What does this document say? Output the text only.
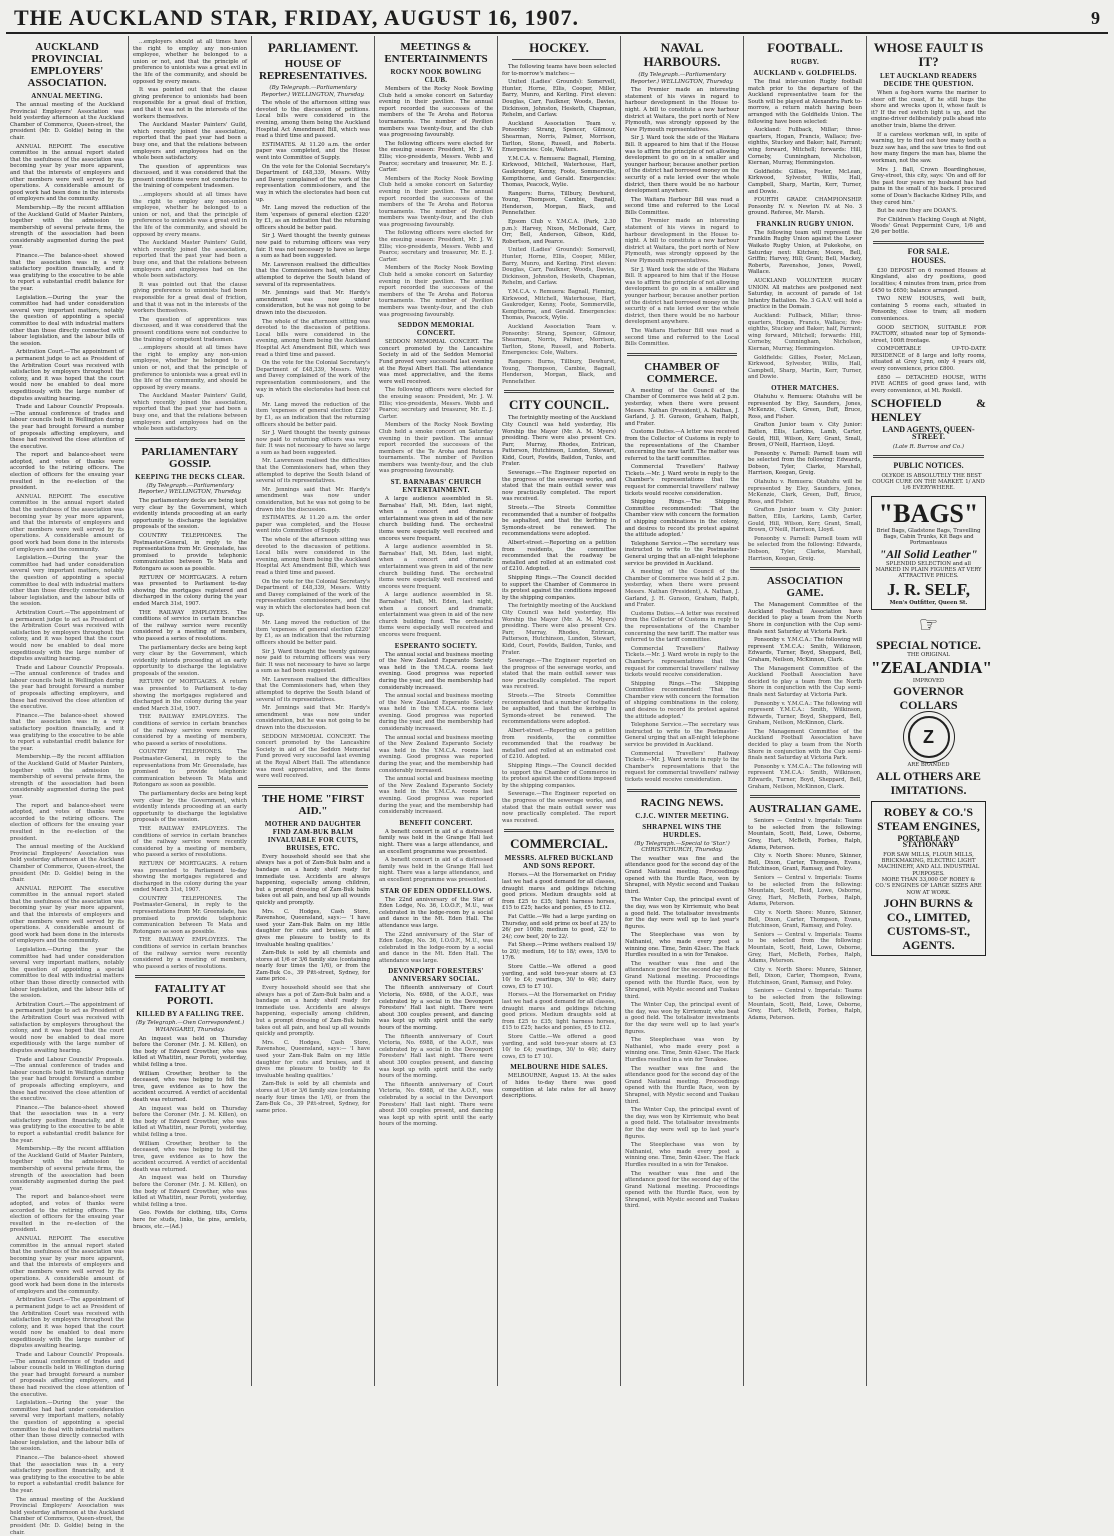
THE AUCKLAND STAR, FRIDAY, AUGUST 16, 1907.	9
AUCKLAND PROVINCIAL EMPLOYERS' ASSOCIATION.
ANNUAL MEETING.

The annual meeting of the Auckland Provincial Employers' Association was held yesterday afternoon at the Auckland Chamber of Commerce, Queen-street, the president (Mr. D. Goldie) being in the chair.

ANNUAL REPORT. The executive committee in the annual report stated that the usefulness of the association was becoming year by year more apparent, and that the interests of employers and other members were well served by its operations. A considerable amount of good work had been done in the interests of employers and the community.

Membership.—By the recent affiliation of the Auckland Guild of Master Painters, together with the admission to membership of several private firms, the strength of the association had been considerably augmented during the past year.

Finance.—The balance-sheet showed that the association was in a very satisfactory position financially, and it was gratifying to the executive to be able to report a substantial credit balance for the year.

Legislation.—During the year the committee had had under consideration several very important matters, notably the question of appointing a special committee to deal with industrial matters other than those directly connected with labour legislation, and the labour bills of the session.

Arbitration Court.—The appointment of a permanent judge to act as President of the Arbitration Court was received with satisfaction by employers throughout the colony, and it was hoped that the court would now be enabled to deal more expeditiously with the large number of disputes awaiting hearing.

Trade and Labour Councils' Proposals.—The annual conference of trades and labour councils held in Wellington during the year had brought forward a number of proposals affecting employers, and these had received the close attention of the executive.

The report and balance-sheet were adopted, and votes of thanks were accorded to the retiring officers. The election of officers for the ensuing year resulted in the re-election of the president.

ANNUAL REPORT. The executive committee in the annual report stated that the usefulness of the association was becoming year by year more apparent, and that the interests of employers and other members were well served by its operations. A considerable amount of good work had been done in the interests of employers and the community.

Legislation.—During the year the committee had had under consideration several very important matters, notably the question of appointing a special committee to deal with industrial matters other than those directly connected with labour legislation, and the labour bills of the session.

Arbitration Court.—The appointment of a permanent judge to act as President of the Arbitration Court was received with satisfaction by employers throughout the colony, and it was hoped that the court would now be enabled to deal more expeditiously with the large number of disputes awaiting hearing.

Trade and Labour Councils' Proposals.—The annual conference of trades and labour councils held in Wellington during the year had brought forward a number of proposals affecting employers, and these had received the close attention of the executive.

Finance.—The balance-sheet showed that the association was in a very satisfactory position financially, and it was gratifying to the executive to be able to report a substantial credit balance for the year.

Membership.—By the recent affiliation of the Auckland Guild of Master Painters, together with the admission to membership of several private firms, the strength of the association had been considerably augmented during the past year.

The report and balance-sheet were adopted, and votes of thanks were accorded to the retiring officers. The election of officers for the ensuing year resulted in the re-election of the president.

The annual meeting of the Auckland Provincial Employers' Association was held yesterday afternoon at the Auckland Chamber of Commerce, Queen-street, the president (Mr. D. Goldie) being in the chair.

ANNUAL REPORT. The executive committee in the annual report stated that the usefulness of the association was becoming year by year more apparent, and that the interests of employers and other members were well served by its operations. A considerable amount of good work had been done in the interests of employers and the community.

Legislation.—During the year the committee had had under consideration several very important matters, notably the question of appointing a special committee to deal with industrial matters other than those directly connected with labour legislation, and the labour bills of the session.

Arbitration Court.—The appointment of a permanent judge to act as President of the Arbitration Court was received with satisfaction by employers throughout the colony, and it was hoped that the court would now be enabled to deal more expeditiously with the large number of disputes awaiting hearing.

Trade and Labour Councils' Proposals.—The annual conference of trades and labour councils held in Wellington during the year had brought forward a number of proposals affecting employers, and these had received the close attention of the executive.

Finance.—The balance-sheet showed that the association was in a very satisfactory position financially, and it was gratifying to the executive to be able to report a substantial credit balance for the year.

Membership.—By the recent affiliation of the Auckland Guild of Master Painters, together with the admission to membership of several private firms, the strength of the association had been considerably augmented during the past year.

The report and balance-sheet were adopted, and votes of thanks were accorded to the retiring officers. The election of officers for the ensuing year resulted in the re-election of the president.

ANNUAL REPORT. The executive committee in the annual report stated that the usefulness of the association was becoming year by year more apparent, and that the interests of employers and other members were well served by its operations. A considerable amount of good work had been done in the interests of employers and the community.

Arbitration Court.—The appointment of a permanent judge to act as President of the Arbitration Court was received with satisfaction by employers throughout the colony, and it was hoped that the court would now be enabled to deal more expeditiously with the large number of disputes awaiting hearing.

Trade and Labour Councils' Proposals.—The annual conference of trades and labour councils held in Wellington during the year had brought forward a number of proposals affecting employers, and these had received the close attention of the executive.

Legislation.—During the year the committee had had under consideration several very important matters, notably the question of appointing a special committee to deal with industrial matters other than those directly connected with labour legislation, and the labour bills of the session.

Finance.—The balance-sheet showed that the association was in a very satisfactory position financially, and it was gratifying to the executive to be able to report a substantial credit balance for the year.

The annual meeting of the Auckland Provincial Employers' Association was held yesterday afternoon at the Auckland Chamber of Commerce, Queen-street, the president (Mr. D. Goldie) being in the chair.

...employers should at all times have the right to employ any non-union employee, whether he belonged to a union or not, and that the principle of preference to unionists was a great evil in the life of the community, and should be opposed by every means.

It was pointed out that the clause giving preference to unionists had been responsible for a great deal of friction, and that it was not in the interests of the workers themselves.

The Auckland Master Painters' Guild, which recently joined the association, reported that the past year had been a busy one, and that the relations between employers and employees had on the whole been satisfactory.

The question of apprentices was discussed, and it was considered that the present conditions were not conducive to the training of competent tradesmen.

...employers should at all times have the right to employ any non-union employee, whether he belonged to a union or not, and that the principle of preference to unionists was a great evil in the life of the community, and should be opposed by every means.

The Auckland Master Painters' Guild, which recently joined the association, reported that the past year had been a busy one, and that the relations between employers and employees had on the whole been satisfactory.

It was pointed out that the clause giving preference to unionists had been responsible for a great deal of friction, and that it was not in the interests of the workers themselves.

The question of apprentices was discussed, and it was considered that the present conditions were not conducive to the training of competent tradesmen.

...employers should at all times have the right to employ any non-union employee, whether he belonged to a union or not, and that the principle of preference to unionists was a great evil in the life of the community, and should be opposed by every means.

The Auckland Master Painters' Guild, which recently joined the association, reported that the past year had been a busy one, and that the relations between employers and employees had on the whole been satisfactory.

PARLIAMENTARY GOSSIP.
KEEPING THE DECKS CLEAR.
(By Telegraph.—Parliamentary Reporter.) WELLINGTON, Thursday.

The parliamentary decks are being kept very clear by the Government, which evidently intends proceeding at an early opportunity to discharge the legislative proposals of the session.

COUNTRY TELEPHONES. The Postmaster-General, in reply to the representations from Mr. Greenslade, has promised to provide telephonic communication between Te Mata and Rotongaro as soon as possible.

RETURN OF MORTGAGES. A return was presented to Parliament to-day showing the mortgages registered and discharged in the colony during the year ended March 31st, 1907.

THE RAILWAY EMPLOYEES. The conditions of service in certain branches of the railway service were recently considered by a meeting of members, who passed a series of resolutions.

The parliamentary decks are being kept very clear by the Government, which evidently intends proceeding at an early opportunity to discharge the legislative proposals of the session.

RETURN OF MORTGAGES. A return was presented to Parliament to-day showing the mortgages registered and discharged in the colony during the year ended March 31st, 1907.

THE RAILWAY EMPLOYEES. The conditions of service in certain branches of the railway service were recently considered by a meeting of members, who passed a series of resolutions.

COUNTRY TELEPHONES. The Postmaster-General, in reply to the representations from Mr. Greenslade, has promised to provide telephonic communication between Te Mata and Rotongaro as soon as possible.

The parliamentary decks are being kept very clear by the Government, which evidently intends proceeding at an early opportunity to discharge the legislative proposals of the session.

THE RAILWAY EMPLOYEES. The conditions of service in certain branches of the railway service were recently considered by a meeting of members, who passed a series of resolutions.

RETURN OF MORTGAGES. A return was presented to Parliament to-day showing the mortgages registered and discharged in the colony during the year ended March 31st, 1907.

COUNTRY TELEPHONES. The Postmaster-General, in reply to the representations from Mr. Greenslade, has promised to provide telephonic communication between Te Mata and Rotongaro as soon as possible.

THE RAILWAY EMPLOYEES. The conditions of service in certain branches of the railway service were recently considered by a meeting of members, who passed a series of resolutions.

FATALITY AT POROTI.
KILLED BY A FALLING TREE.
(By Telegraph.—Own Correspondent.) WHANGAREI, Thursday.

An inquest was held on Thursday before the Coroner (Mr. J. M. Killen), on the body of Edward Crowther, who was killed at Whatitiri, near Poroti, yesterday, whilst felling a tree.

William Crowther, brother to the deceased, who was helping to fell the tree, gave evidence as to how the accident occurred. A verdict of accidental death was returned.

An inquest was held on Thursday before the Coroner (Mr. J. M. Killen), on the body of Edward Crowther, who was killed at Whatitiri, near Poroti, yesterday, whilst felling a tree.

William Crowther, brother to the deceased, who was helping to fell the tree, gave evidence as to how the accident occurred. A verdict of accidental death was returned.

An inquest was held on Thursday before the Coroner (Mr. J. M. Killen), on the body of Edward Crowther, who was killed at Whatitiri, near Poroti, yesterday, whilst felling a tree.

Geo. Fowlds for clothing, tilts, Corns here for studs, links, tie pins, armlets, braces, etc.—(Ad.)

PARLIAMENT.
HOUSE OF REPRESENTATIVES.
(By Telegraph.—Parliamentary Reporter.) WELLINGTON, Thursday.

The whole of the afternoon sitting was devoted to the discussion of petitions. Local bills were considered in the evening, among them being the Auckland Hospital Act Amendment Bill, which was read a third time and passed.

ESTIMATES. At 11.20 a.m. the order paper was completed, and the House went into Committee of Supply.

On the vote for the Colonial Secretary's Department of £48,339, Messrs. Witty and Davey complained of the work of the representation commissioners, and the way in which the electorates had been cut up.

Mr. Lang moved the reduction of the item 'expenses of general election £220' by £1, as an indication that the returning officers should be better paid.

Sir J. Ward thought the twenty guineas now paid to returning officers was very fair. It was not necessary to have so large a sum as had been suggested.

Mr. Lawrenson realised the difficulties that the Commissioners had, when they attempted to deprive the South Island of several of its representatives.

Mr. Jennings said that Mr. Hardy's amendment was now under consideration, but he was not going to be drawn into the discussion.

The whole of the afternoon sitting was devoted to the discussion of petitions. Local bills were considered in the evening, among them being the Auckland Hospital Act Amendment Bill, which was read a third time and passed.

On the vote for the Colonial Secretary's Department of £48,339, Messrs. Witty and Davey complained of the work of the representation commissioners, and the way in which the electorates had been cut up.

Mr. Lang moved the reduction of the item 'expenses of general election £220' by £1, as an indication that the returning officers should be better paid.

Sir J. Ward thought the twenty guineas now paid to returning officers was very fair. It was not necessary to have so large a sum as had been suggested.

Mr. Lawrenson realised the difficulties that the Commissioners had, when they attempted to deprive the South Island of several of its representatives.

Mr. Jennings said that Mr. Hardy's amendment was now under consideration, but he was not going to be drawn into the discussion.

ESTIMATES. At 11.20 a.m. the order paper was completed, and the House went into Committee of Supply.

The whole of the afternoon sitting was devoted to the discussion of petitions. Local bills were considered in the evening, among them being the Auckland Hospital Act Amendment Bill, which was read a third time and passed.

On the vote for the Colonial Secretary's Department of £48,339, Messrs. Witty and Davey complained of the work of the representation commissioners, and the way in which the electorates had been cut up.

Mr. Lang moved the reduction of the item 'expenses of general election £220' by £1, as an indication that the returning officers should be better paid.

Sir J. Ward thought the twenty guineas now paid to returning officers was very fair. It was not necessary to have so large a sum as had been suggested.

Mr. Lawrenson realised the difficulties that the Commissioners had, when they attempted to deprive the South Island of several of its representatives.

Mr. Jennings said that Mr. Hardy's amendment was now under consideration, but he was not going to be drawn into the discussion.

SEDDON MEMORIAL CONCERT. The concert promoted by the Lancashire Society in aid of the Seddon Memorial Fund proved very successful last evening at the Royal Albert Hall. The attendance was most appreciative, and the items were well received.

THE HOME "FIRST AID."
MOTHER AND DAUGHTER FIND ZAM-BUK BALM INVALUABLE FOR CUTS, BRUISES, ETC.

Every household should see that she always has a pot of Zam-Buk balm and a bandage on a handy shelf ready for immediate use. Accidents are always happening, especially among children, but a prompt dressing of Zam-Buk balm takes out all pain, and heal up all wounds quickly and promptly.

Mrs. C. Hodges, Cash Store, Ravenshoe, Queensland, says:— 'I have used your Zam-Buk Balm on my little daughter for cuts and bruises, and it gives me pleasure to testify to its invaluable healing qualities.'

Zam-Buk is sold by all chemists and stores at 1/6 or 3/6 family size (containing nearly four times the 1/6), or from the Zam-Buk Co., 39 Pitt-street, Sydney, for same price.

Every household should see that she always has a pot of Zam-Buk balm and a bandage on a handy shelf ready for immediate use. Accidents are always happening, especially among children, but a prompt dressing of Zam-Buk balm takes out all pain, and heal up all wounds quickly and promptly.

Mrs. C. Hodges, Cash Store, Ravenshoe, Queensland, says:— 'I have used your Zam-Buk Balm on my little daughter for cuts and bruises, and it gives me pleasure to testify to its invaluable healing qualities.'

Zam-Buk is sold by all chemists and stores at 1/6 or 3/6 family size (containing nearly four times the 1/6), or from the Zam-Buk Co., 39 Pitt-street, Sydney, for same price.

MEETINGS & ENTERTAINMENTS
ROCKY NOOK BOWLING CLUB.

Members of the Rocky Nook Bowling Club held a smoke concert on Saturday evening in their pavilion. The annual report recorded the successes of the members of the Te Aroha and Rotorua tournaments. The number of Pavilion members was twenty-four, and the club was progressing favourably.

The following officers were elected for the ensuing season: President, Mr. J. W. Ellis; vice-presidents, Messrs. Webb and Pearce; secretary and treasurer, Mr. E. J. Carter.

Members of the Rocky Nook Bowling Club held a smoke concert on Saturday evening in their pavilion. The annual report recorded the successes of the members of the Te Aroha and Rotorua tournaments. The number of Pavilion members was twenty-four, and the club was progressing favourably.

The following officers were elected for the ensuing season: President, Mr. J. W. Ellis; vice-presidents, Messrs. Webb and Pearce; secretary and treasurer, Mr. E. J. Carter.

Members of the Rocky Nook Bowling Club held a smoke concert on Saturday evening in their pavilion. The annual report recorded the successes of the members of the Te Aroha and Rotorua tournaments. The number of Pavilion members was twenty-four, and the club was progressing favourably.

SEDDON MEMORIAL CONCERT.

SEDDON MEMORIAL CONCERT. The concert promoted by the Lancashire Society in aid of the Seddon Memorial Fund proved very successful last evening at the Royal Albert Hall. The attendance was most appreciative, and the items were well received.

The following officers were elected for the ensuing season: President, Mr. J. W. Ellis; vice-presidents, Messrs. Webb and Pearce; secretary and treasurer, Mr. E. J. Carter.

Members of the Rocky Nook Bowling Club held a smoke concert on Saturday evening in their pavilion. The annual report recorded the successes of the members of the Te Aroha and Rotorua tournaments. The number of Pavilion members was twenty-four, and the club was progressing favourably.

ST. BARNABAS' CHURCH ENTERTAINMENT.

A large audience assembled in St. Barnabas' Hall, Mt. Eden, last night, when a concert and dramatic entertainment was given in aid of the new church building fund. The orchestral items were especially well received and encores were frequent.

A large audience assembled in St. Barnabas' Hall, Mt. Eden, last night, when a concert and dramatic entertainment was given in aid of the new church building fund. The orchestral items were especially well received and encores were frequent.

A large audience assembled in St. Barnabas' Hall, Mt. Eden, last night, when a concert and dramatic entertainment was given in aid of the new church building fund. The orchestral items were especially well received and encores were frequent.

ESPERANTO SOCIETY.

The annual social and business meeting of the New Zealand Esperanto Society was held in the Y.M.C.A. rooms last evening. Good progress was reported during the year, and the membership had considerably increased.

The annual social and business meeting of the New Zealand Esperanto Society was held in the Y.M.C.A. rooms last evening. Good progress was reported during the year, and the membership had considerably increased.

The annual social and business meeting of the New Zealand Esperanto Society was held in the Y.M.C.A. rooms last evening. Good progress was reported during the year, and the membership had considerably increased.

The annual social and business meeting of the New Zealand Esperanto Society was held in the Y.M.C.A. rooms last evening. Good progress was reported during the year, and the membership had considerably increased.

BENEFIT CONCERT.

A benefit concert in aid of a distressed family was held in the Grange Hall last night. There was a large attendance, and an excellent programme was presented.

A benefit concert in aid of a distressed family was held in the Grange Hall last night. There was a large attendance, and an excellent programme was presented.

STAR OF EDEN ODDFELLOWS.

The 22nd anniversary of the Star of Eden Lodge, No. 36, I.O.O.F., M.U., was celebrated in the lodge-room by a social and dance in the Mt. Eden Hall. The attendance was large.

The 22nd anniversary of the Star of Eden Lodge, No. 36, I.O.O.F., M.U., was celebrated in the lodge-room by a social and dance in the Mt. Eden Hall. The attendance was large.

DEVONPORT FORESTERS' ANNIVERSARY SOCIAL.

The fifteenth anniversary of Court Victoria, No. 6988, of the A.O.F., was celebrated by a social in the Devonport Foresters' Hall last night. There were about 300 couples present, and dancing was kept up with spirit until the early hours of the morning.

The fifteenth anniversary of Court Victoria, No. 6988, of the A.O.F., was celebrated by a social in the Devonport Foresters' Hall last night. There were about 300 couples present, and dancing was kept up with spirit until the early hours of the morning.

The fifteenth anniversary of Court Victoria, No. 6988, of the A.O.F., was celebrated by a social in the Devonport Foresters' Hall last night. There were about 300 couples present, and dancing was kept up with spirit until the early hours of the morning.

HOCKEY.

The following teams have been selected for to-morrow's matches:—

United (Ladies' Grounds): Somervell, Hunter, Horne, Ellis, Cooper, Miller, Barry, Munro, and Kerling. First eleven: Douglas, Carr, Faulkner, Woods, Davies, Dickinson, Johnston, Hesketh, Chapman, Rehelm, and Carlaw.

Auckland Association Team v. Ponsonby: Strang, Spencer, Gilmour, Shearman, Norris, Palmer, Morrison, Tarlton, Stone, Russell, and Roberts. Emergencies: Cole, Walters.

Y.M.C.A. v. Remuera: Bagnall, Fleming, Kirkwood, Mitchell, Waterhouse, Hart, Gaukrodger, Kenny, Foote, Sommerville, Kempthorne, and Gerald. Emergencies: Thomas, Peacock, Wylie.

Rangers: Burns, Tillbury, Dewhurst, Young, Thompson, Cambie, Bagnall, Henderson, Morgan, Black, and Pennefather.

Epsom Club v. Y.M.C.A. (Park, 2.30 p.m.): Harvey, Nixon, McDonald, Carr, Orr, Bell, Anderson, Gibson, Kidd, Robertson, and Pearce.

United (Ladies' Grounds): Somervell, Hunter, Horne, Ellis, Cooper, Miller, Barry, Munro, and Kerling. First eleven: Douglas, Carr, Faulkner, Woods, Davies, Dickinson, Johnston, Hesketh, Chapman, Rehelm, and Carlaw.

Y.M.C.A. v. Remuera: Bagnall, Fleming, Kirkwood, Mitchell, Waterhouse, Hart, Gaukrodger, Kenny, Foote, Sommerville, Kempthorne, and Gerald. Emergencies: Thomas, Peacock, Wylie.

Auckland Association Team v. Ponsonby: Strang, Spencer, Gilmour, Shearman, Norris, Palmer, Morrison, Tarlton, Stone, Russell, and Roberts. Emergencies: Cole, Walters.

Rangers: Burns, Tillbury, Dewhurst, Young, Thompson, Cambie, Bagnall, Henderson, Morgan, Black, and Pennefather.

CITY COUNCIL.

The fortnightly meeting of the Auckland City Council was held yesterday, His Worship the Mayor (Mr. A. M. Myers) presiding. There were also present Crs. Parr, Murray, Rhodes, Entrican, Patterson, Hutchinson, Lundon, Stewart, Kidd, Court, Fowlds, Baildon, Tunks, and Frater.

Sewerage.—The Engineer reported on the progress of the sewerage works, and stated that the main outfall sewer was now practically completed. The report was received.

Streets.—The Streets Committee recommended that a number of footpaths be asphalted, and that the kerbing in Symonds-street be renewed. The recommendations were adopted.

Albert-street.—Reporting on a petition from residents, the committee recommended that the roadway be metalled and rolled at an estimated cost of £210. Adopted.

Shipping Rings.—The Council decided to support the Chamber of Commerce in its protest against the conditions imposed by the shipping companies.

The fortnightly meeting of the Auckland City Council was held yesterday, His Worship the Mayor (Mr. A. M. Myers) presiding. There were also present Crs. Parr, Murray, Rhodes, Entrican, Patterson, Hutchinson, Lundon, Stewart, Kidd, Court, Fowlds, Baildon, Tunks, and Frater.

Sewerage.—The Engineer reported on the progress of the sewerage works, and stated that the main outfall sewer was now practically completed. The report was received.

Streets.—The Streets Committee recommended that a number of footpaths be asphalted, and that the kerbing in Symonds-street be renewed. The recommendations were adopted.

Albert-street.—Reporting on a petition from residents, the committee recommended that the roadway be metalled and rolled at an estimated cost of £210. Adopted.

Shipping Rings.—The Council decided to support the Chamber of Commerce in its protest against the conditions imposed by the shipping companies.

Sewerage.—The Engineer reported on the progress of the sewerage works, and stated that the main outfall sewer was now practically completed. The report was received.

COMMERCIAL.
MESSRS. ALFRED BUCKLAND AND SONS REPORT.

Horses.—At the Horsemarket on Friday last we had a good demand for all classes, draught mares and geldings fetching good prices. Medium draughts sold at from £25 to £35; light harness horses, £15 to £25; hacks and ponies, £5 to £12.

Fat Cattle.—We had a large yarding on Thursday, and sold prime ox beef at 25/ to 26/ per 100lb; medium to good, 22/ to 24/; cow beef, 20/ to 22/.

Fat Sheep.—Prime wethers realised 19/ to 20/; medium, 16/ to 18/; ewes, 15/6 to 17/6.

Store Cattle.—We offered a good yarding, and sold two-year steers at £3 10/ to £4; yearlings, 30/ to 40/; dairy cows, £5 to £7 10/.

Horses.—At the Horsemarket on Friday last we had a good demand for all classes, draught mares and geldings fetching good prices. Medium draughts sold at from £25 to £35; light harness horses, £15 to £25; hacks and ponies, £5 to £12.

Store Cattle.—We offered a good yarding, and sold two-year steers at £3 10/ to £4; yearlings, 30/ to 40/; dairy cows, £5 to £7 10/.

MELBOURNE HIDE SALES.

MELBOURNE, August 15. At the sales of hides to-day there was good competition at late rates for all heavy descriptions.

NAVAL HARBOURS.
(By Telegraph.—Parliamentary Reporter.) WELLINGTON, Thursday.

The Premier made an interesting statement of his views in regard to harbour development in the House to-night. A bill to constitute a new harbour district at Waitara, the port north of New Plymouth, was strongly opposed by the New Plymouth representatives.

Sir J. Ward took the side of the Waitara Bill. It appeared to him that if the House was to affirm the principle of not allowing development to go on in a smaller and younger harbour, because another portion of the district had borrowed money on the security of a rate levied over the whole district, then there would be no harbour development anywhere.

The Waitara Harbour Bill was read a second time and referred to the Local Bills Committee.

The Premier made an interesting statement of his views in regard to harbour development in the House to-night. A bill to constitute a new harbour district at Waitara, the port north of New Plymouth, was strongly opposed by the New Plymouth representatives.

Sir J. Ward took the side of the Waitara Bill. It appeared to him that if the House was to affirm the principle of not allowing development to go on in a smaller and younger harbour, because another portion of the district had borrowed money on the security of a rate levied over the whole district, then there would be no harbour development anywhere.

The Waitara Harbour Bill was read a second time and referred to the Local Bills Committee.

CHAMBER OF COMMERCE.

A meeting of the Council of the Chamber of Commerce was held at 2 p.m. yesterday, when there were present Messrs. Nathan (President), A. Nathan, J. Garland, J. H. Gunson, Graham, Ralph, and Frater.

Customs Duties.—A letter was received from the Collector of Customs in reply to the representations of the Chamber concerning the new tariff. The matter was referred to the tariff committee.

Commercial Travellers' Railway Tickets.—Mr. J. Ward wrote in reply to the Chamber's representations that the request for commercial travellers' railway tickets would receive consideration.

Shipping Rings.—The Shipping Committee recommended: 'That the Chamber view with concern the formation of shipping combinations in the colony, and desires to record its protest against the attitude adopted.'

Telephone Service.—The secretary was instructed to write to the Postmaster-General urging that an all-night telephone service be provided in Auckland.

A meeting of the Council of the Chamber of Commerce was held at 2 p.m. yesterday, when there were present Messrs. Nathan (President), A. Nathan, J. Garland, J. H. Gunson, Graham, Ralph, and Frater.

Customs Duties.—A letter was received from the Collector of Customs in reply to the representations of the Chamber concerning the new tariff. The matter was referred to the tariff committee.

Commercial Travellers' Railway Tickets.—Mr. J. Ward wrote in reply to the Chamber's representations that the request for commercial travellers' railway tickets would receive consideration.

Shipping Rings.—The Shipping Committee recommended: 'That the Chamber view with concern the formation of shipping combinations in the colony, and desires to record its protest against the attitude adopted.'

Telephone Service.—The secretary was instructed to write to the Postmaster-General urging that an all-night telephone service be provided in Auckland.

Commercial Travellers' Railway Tickets.—Mr. J. Ward wrote in reply to the Chamber's representations that the request for commercial travellers' railway tickets would receive consideration.

RACING NEWS.
C.J.C. WINTER MEETING.
SHRAPNEL WINS THE HURDLES.
(By Telegraph.—Special to 'Star.') CHRISTCHURCH, Thursday.

The weather was fine and the attendance good for the second day of the Grand National meeting. Proceedings opened with the Hurdle Race, won by Shrapnel, with Mystic second and Tuakau third.

The Winter Cup, the principal event of the day, was won by Kirriemuir, who beat a good field. The totalisator investments for the day were well up to last year's figures.

The Steeplechase was won by Nathaniel, who made every post a winning one. Time, 5min 42sec. The Hack Hurdles resulted in a win for Tenakoe.

The weather was fine and the attendance good for the second day of the Grand National meeting. Proceedings opened with the Hurdle Race, won by Shrapnel, with Mystic second and Tuakau third.

The Winter Cup, the principal event of the day, was won by Kirriemuir, who beat a good field. The totalisator investments for the day were well up to last year's figures.

The Steeplechase was won by Nathaniel, who made every post a winning one. Time, 5min 42sec. The Hack Hurdles resulted in a win for Tenakoe.

The weather was fine and the attendance good for the second day of the Grand National meeting. Proceedings opened with the Hurdle Race, won by Shrapnel, with Mystic second and Tuakau third.

The Winter Cup, the principal event of the day, was won by Kirriemuir, who beat a good field. The totalisator investments for the day were well up to last year's figures.

The Steeplechase was won by Nathaniel, who made every post a winning one. Time, 5min 42sec. The Hack Hurdles resulted in a win for Tenakoe.

The weather was fine and the attendance good for the second day of the Grand National meeting. Proceedings opened with the Hurdle Race, won by Shrapnel, with Mystic second and Tuakau third.

FOOTBALL.
RUGBY.
AUCKLAND v. GOLDFIELDS.

The final inter-union Rugby football match prior to the departure of the Auckland representative team for the South will be played at Alexandra Park to-morrow, a return match having been arranged with the Goldfields Union. The following have been selected:

Auckland: Fullback, Millar; three-quarters, Hogan, Francis, Wallace; five-eighths, Stuckey and Baker; half, Farrant; wing forward, Mitchell; forwards: Hill, Corneby, Cunningham, Nicholson, Kiernan, Murray, Hemmingston.

Goldfields: Gillies, Foster, McLean, Kirkwood, Sylvester, Willis, Hall, Campbell, Sharp, Martin, Kerr, Turner, and Dowie.

FOURTH GRADE CHAMPIONSHIP. Ponsonby IV. v. Newton IV. at No. 3 ground. Referee, Mr. Marsh.

FRANKLIN RUGBY UNION.

The following team will represent the Franklin Rugby Union against the Lower Waikato Rugby Union, at Pukekohe, on Saturday next: Kitchen; Moore, Bell, Griffin; Harvey, Hill; Grant; Bell, Mackey, Roberts, Ravenshoe, Jones, Powell, Wallace.

AUCKLAND VOLUNTEER RUGBY UNION. All matches are postponed next Saturday, in account of parade of 1st Infantry Battalion. No. 3 G.A.V. will hold a practice in the Domain.

Auckland: Fullback, Millar; three-quarters, Hogan, Francis, Wallace; five-eighths, Stuckey and Baker; half, Farrant; wing forward, Mitchell; forwards: Hill, Corneby, Cunningham, Nicholson, Kiernan, Murray, Hemmingston.

Goldfields: Gillies, Foster, McLean, Kirkwood, Sylvester, Willis, Hall, Campbell, Sharp, Martin, Kerr, Turner, and Dowie.

OTHER MATCHES.

Otahuhu v. Remuera: Otahuhu will be represented by Eley, Saunders, Jones, McKenzie, Clark, Green, Duff, Bruce, Ross, and Fisher.

Grafton Junior team v. City Junior: Batten, Ellis, Larkins, Lamb, Carter, Gould, Hill, Wilson, Kerr, Grant, Small, Brown, O'Neill, Harrison, Lloyd.

Ponsonby v. Parnell: Parnell team will be selected from the following: Edwards, Dobson, Tyler, Clarke, Marshall, Harrison, Keegan, Greig.

Otahuhu v. Remuera: Otahuhu will be represented by Eley, Saunders, Jones, McKenzie, Clark, Green, Duff, Bruce, Ross, and Fisher.

Grafton Junior team v. City Junior: Batten, Ellis, Larkins, Lamb, Carter, Gould, Hill, Wilson, Kerr, Grant, Small, Brown, O'Neill, Harrison, Lloyd.

Ponsonby v. Parnell: Parnell team will be selected from the following: Edwards, Dobson, Tyler, Clarke, Marshall, Harrison, Keegan, Greig.

ASSOCIATION GAME.

The Management Committee of the Auckland Football Association have decided to play a team from the North Shore in conjunction with the Cup semi-finals next Saturday at Victoria Park.

Ponsonby v. Y.M.C.A.: The following will represent Y.M.C.A.: Smith, Wilkinson, Edwards, Turner, Boyd, Sheppard, Bell, Graham, Neilson, McKinnon, Clark.

The Management Committee of the Auckland Football Association have decided to play a team from the North Shore in conjunction with the Cup semi-finals next Saturday at Victoria Park.

Ponsonby v. Y.M.C.A.: The following will represent Y.M.C.A.: Smith, Wilkinson, Edwards, Turner, Boyd, Sheppard, Bell, Graham, Neilson, McKinnon, Clark.

The Management Committee of the Auckland Football Association have decided to play a team from the North Shore in conjunction with the Cup semi-finals next Saturday at Victoria Park.

Ponsonby v. Y.M.C.A.: The following will represent Y.M.C.A.: Smith, Wilkinson, Edwards, Turner, Boyd, Sheppard, Bell, Graham, Neilson, McKinnon, Clark.

AUSTRALIAN GAME.

Seniors — Central v. Imperials: Teams to be selected from the following: Mountain, Scott, Reid, Lowe, Osborne, Grey, Hart, McBeth, Forbes, Ralph, Adams, Peterson.

City v. North Shore: Munro, Skinner, Bell, Dixon, Carter, Thompson, Evans, Hutchinson, Grant, Ramsay, and Foley.

Seniors — Central v. Imperials: Teams to be selected from the following: Mountain, Scott, Reid, Lowe, Osborne, Grey, Hart, McBeth, Forbes, Ralph, Adams, Peterson.

City v. North Shore: Munro, Skinner, Bell, Dixon, Carter, Thompson, Evans, Hutchinson, Grant, Ramsay, and Foley.

Seniors — Central v. Imperials: Teams to be selected from the following: Mountain, Scott, Reid, Lowe, Osborne, Grey, Hart, McBeth, Forbes, Ralph, Adams, Peterson.

City v. North Shore: Munro, Skinner, Bell, Dixon, Carter, Thompson, Evans, Hutchinson, Grant, Ramsay, and Foley.

Seniors — Central v. Imperials: Teams to be selected from the following: Mountain, Scott, Reid, Lowe, Osborne, Grey, Hart, McBeth, Forbes, Ralph, Adams, Peterson.

WHOSE FAULT IS IT?
LET AUCKLAND READERS DECIDE THE QUESTION.

When a fog-horn warns the mariner to steer off the coast, if he still hugs the shore and wrecks upon it, whose fault is it? If the red switch light is up, and the engine-driver deliberately pulls ahead into another train, blame the driver.

If a careless workman will, in spite of warning, try to find out how many teeth a buzz saw has, and the saw tries to find out how many fingers the man has, blame the workman, not the saw.

Mrs J. Ball, Crown Boardinghouse, Grey-street, this city, says: 'On and off for the past four years my husband has had pains in the small of his back. I procured some of Doan's Backache Kidney Pills, and they cured him.'

But be sure they are DOAN'S.

For Children's Hacking Cough at Night, Woods' Great Peppermint Cure, 1/6 and 2/6 per bottle.

FOR SALE.
HOUSES.

£30 DEPOSIT on 6 roomed Houses at Kingsland, also dry positions, good localities; 4 minutes from tram, price from £450 to £650; balance arranged.

TWO NEW HOUSES, well built, containing 5 rooms each, situated in Ponsonby, close to tram; all modern conveniences.

GOOD SECTION, SUITABLE FOR FACTORY, situated near top of Symonds-street, 100ft frontage.

COMFORTABLE UP-TO-DATE RESIDENCE of 8 large and lofty rooms, situated at Grey Lynn, only 4 years old, every convenience, price £800.

£850 — DETACHED HOUSE, WITH FIVE ACRES of good grass land, with every convenience, at Mt. Roskill.

SCHOFIELD & HENLEY
LAND AGENTS, QUEEN-STREET.
(Late R. Burrow and Co.)
PUBLIC NOTICES.

OLYKOE IS ABSOLUTELY THE BEST COUGH CURE ON THE MARKET. 1/ AND 1/6 EVERYWHERE.

"BAGS"
Brief Bags, Gladstone Bags, Travelling Bags, Cabin Trunks, Kit Bags and Portmanteaus
"All Solid Leather"
SPLENDID SELECTION and all MARKED IN PLAIN FIGURES AT VERY ATTRACTIVE PRICES.
J. R. SELF,
Men's Outfitter, Queen St.
☞
SPECIAL NOTICE.
THE ORIGINAL
"ZEALANDIA"
IMPROVED
GOVERNOR COLLARS
Z
ARE BRANDED
ALL OTHERS ARE IMITATIONS.
ROBEY & CO.'S STEAM ENGINES,
PORTABLE AND STATIONARY
FOR SAW MILLS, FLOUR MILLS, BRICKMAKING, ELECTRIC LIGHT MACHINERY, AND ALL INDUSTRIAL PURPOSES.
MORE THAN 33,000 OF ROBEY & CO.'S ENGINES OF LARGE SIZES ARE NOW AT WORK.
JOHN BURNS & CO., LIMITED, CUSTOMS-ST., AGENTS.
